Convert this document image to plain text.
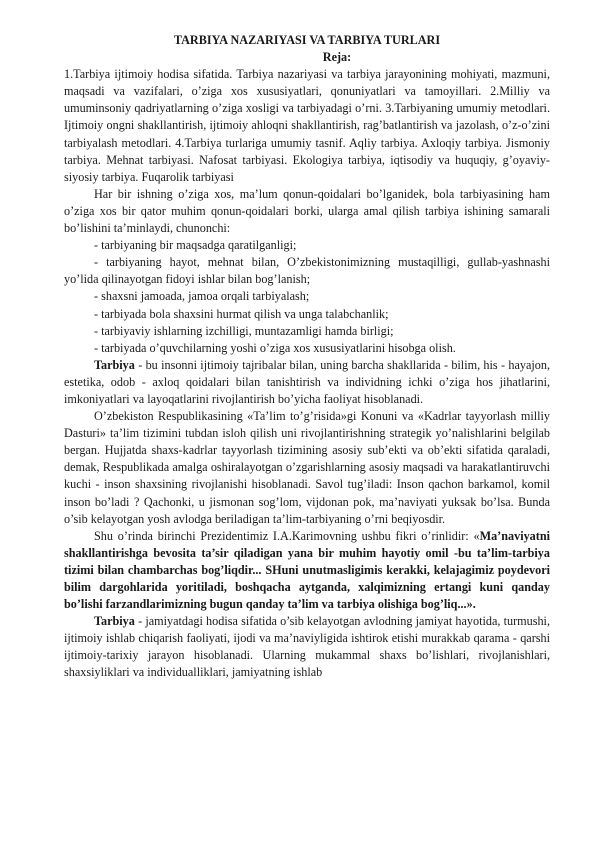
TARBIYA NAZARIYASI VA TARBIYA TURLARI

Reja:

1.Tarbiya ijtimoiy hodisa sifatida. Tarbiya nazariyasi va tarbiya jarayonining mohiyati, mazmuni, maqsadi va vazifalari, o’ziga xos xususiyatlari, qonuniyatlari va tamoyillari. 2.Milliy va umuminsoniy qadriyatlarning o’ziga xosligi va tarbiyadagi o’rni. 3.Tarbiyaning umumiy metodlari. Ijtimoiy ongni shakllantirish, ijtimoiy ahloqni shakllantirish, rag’batlantirish va jazolash, o’z-o’zini tarbiyalash metodlari. 4.Tarbiya turlariga umumiy tasnif. Aqliy tarbiya. Axloqiy tarbiya. Jismoniy tarbiya. Mehnat tarbiyasi. Nafosat tarbiyasi. Ekologiya tarbiya, iqtisodiy va huquqiy, g’oyaviy-siyosiy tarbiya. Fuqarolik tarbiyasi

Har bir ishning o’ziga xos, ma’lum qonun-qoidalari bo’lganidek, bola tarbiyasining ham o’ziga xos bir qator muhim qonun-qoidalari borki, ularga amal qilish tarbiya ishining samarali bo’lishini ta’minlaydi, chunonchi:

- tarbiyaning bir maqsadga qaratilganligi;

- tarbiyaning hayot, mehnat bilan, O’zbekistonimizning mustaqilligi, gullab-yashnashi yo’lida qilinayotgan fidoyi ishlar bilan bog’lanish;

- shaxsni jamoada, jamoa orqali tarbiyalash;

- tarbiyada bola shaxsini hurmat qilish va unga talabchanlik;

- tarbiyaviy ishlarning izchilligi, muntazamligi hamda birligi;

- tarbiyada o’quvchilarning yoshi o’ziga xos xususiyatlarini hisobga olish.

Tarbiya - bu insonni ijtimoiy tajribalar bilan, uning barcha shakllarida - bilim, his - hayajon, estetika, odob - axloq qoidalari bilan tanishtirish va individning ichki o’ziga hos jihatlarini, imkoniyatlari va layoqatlarini rivojlantirish bo’yicha faoliyat hisoblanadi.

O’zbekiston Respublikasining «Ta’lim to’g’risida»gi Konuni va «Kadrlar tayyorlash milliy Dasturi» ta’lim tizimini tubdan isloh qilish uni rivojlantirishning strategik yo’nalishlarini belgilab bergan. Hujjatda shaxs-kadrlar tayyorlash tizimining asosiy sub’ekti va ob’ekti sifatida qaraladi, demak, Respublikada amalga oshiralayotgan o’zgarishlarning asosiy maqsadi va harakatlantiruvchi kuchi - inson shaxsining rivojlanishi hisoblanadi. Savol tug’iladi: Inson qachon barkamol, komil inson bo’ladi ? Qachonki, u jismonan sog’lom, vijdonan pok, ma’naviyati yuksak bo’lsa. Bunda o’sib kelayotgan yosh avlodga beriladigan ta’lim-tarbiyaning o’rni beqiyosdir.

Shu o’rinda birinchi Prezidentimiz I.A.Karimovning ushbu fikri o’rinlidir: «Ma’naviyatni shakllantirishga bevosita ta’sir qiladigan yana bir muhim hayotiy omil -bu ta’lim-tarbiya tizimi bilan chambarchas bog’liqdir... SHuni unutmasligimis kerakki, kelajagimiz poydevori bilim dargohlarida yoritiladi, boshqacha aytganda, xalqimizning ertangi kuni qanday bo’lishi farzandlarimizning bugun qanday ta’lim va tarbiya olishiga bog’liq...».

Tarbiya - jamiyatdagi hodisa sifatida o’sib kelayotgan avlodning jamiyat hayotida, turmushi, ijtimoiy ishlab chiqarish faoliyati, ijodi va ma’naviyligida ishtirok etishi murakkab qarama - qarshi ijtimoiy-tarixiy jarayon hisoblanadi. Ularning mukammal shaxs bo’lishlari, rivojlanishlari, shaxsiyliklari va individualliklari, jamiyatning ishlab
